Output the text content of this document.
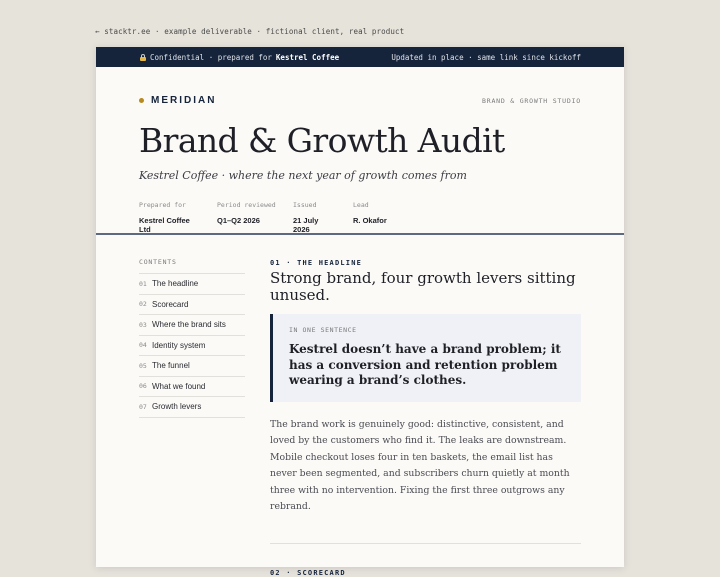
← stacktr.ee · example deliverable · fictional client, real product
Confidential · prepared for Kestrel Coffee	Updated in place · same link since kickoff
MERIDIAN	BRAND & GROWTH STUDIO
Brand & Growth Audit
Kestrel Coffee · where the next year of growth comes from
Prepared for
Kestrel Coffee Ltd
Period reviewed
Q1–Q2 2026
Issued
21 July 2026
Lead
R. Okafor
CONTENTS
01 The headline
02 Scorecard
03 Where the brand sits
04 Identity system
05 The funnel
06 What we found
07 Growth levers
01 · THE HEADLINE
Strong brand, four growth levers sitting unused.
IN ONE SENTENCE
Kestrel doesn’t have a brand problem; it has a conversion and retention problem wearing a brand’s clothes.

The brand work is genuinely good: distinctive, consistent, and loved by the customers who find it. The leaks are downstream. Mobile checkout loses four in ten baskets, the email list has never been segmented, and subscribers churn quietly at month three with no intervention. Fixing the first three outgrows any rebrand.

02 · SCORECARD
